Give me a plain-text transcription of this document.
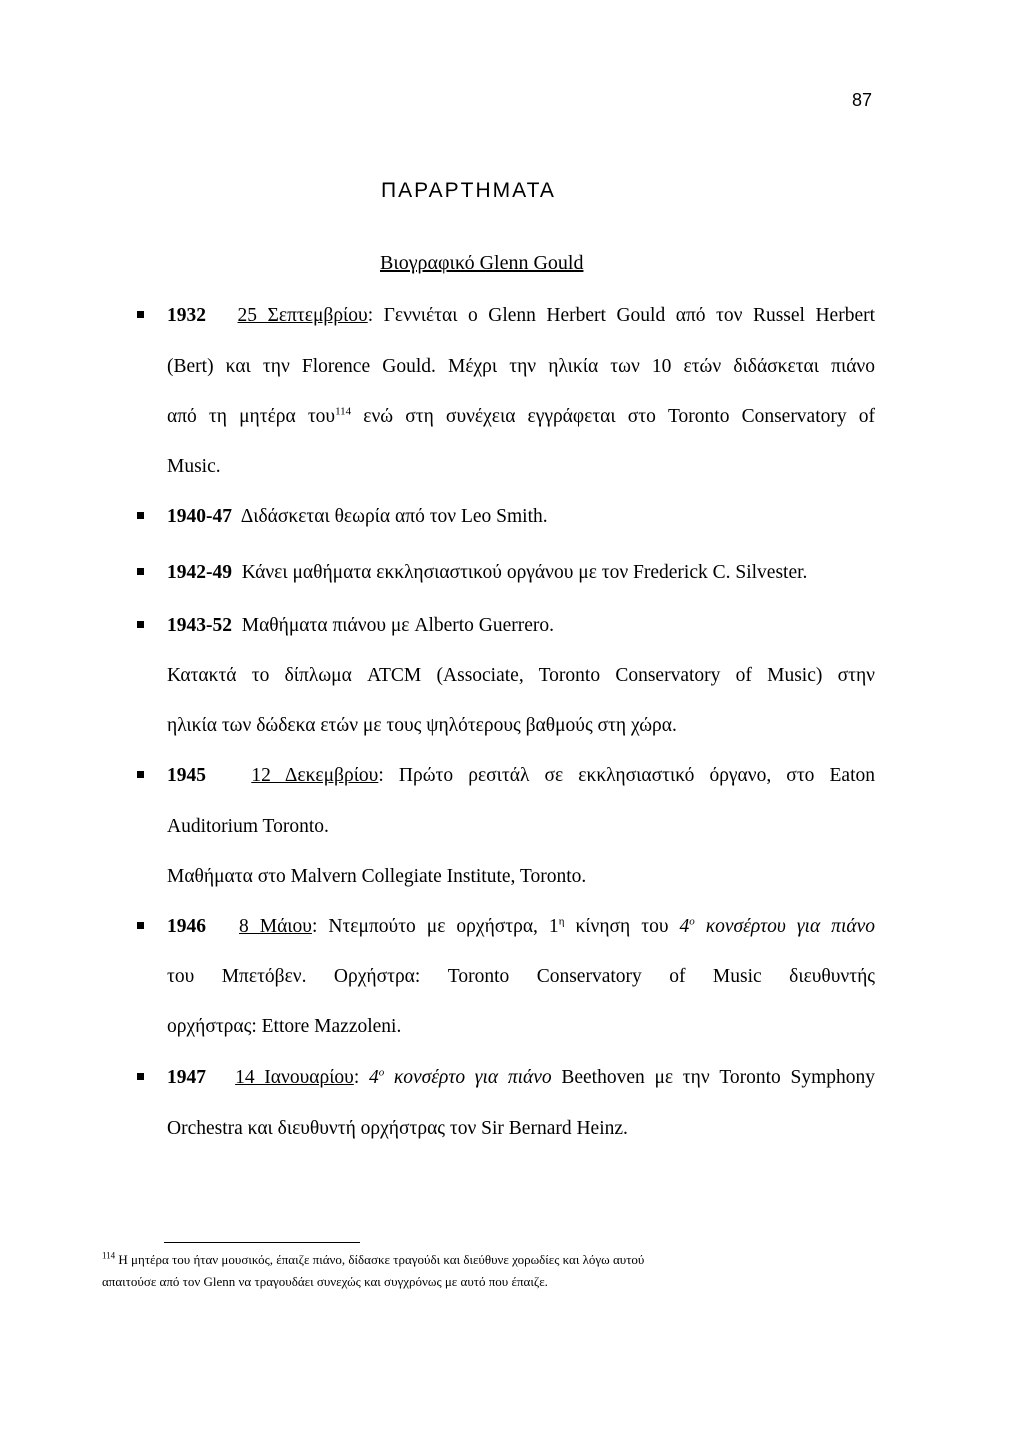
87
ΠΑΡΑΡΤΗΜΑΤΑ
Βιογραφικό Glenn Gould
1932 25 Σεπτεμβρίου: Γεννιέται ο Glenn Herbert Gould από τον Russel Herbert
(Bert) και την Florence Gould. Μέχρι την ηλικία των 10 ετών διδάσκεται πιάνο
από τη μητέρα του$^{114}$ ενώ στη συνέχεια εγγράφεται στο Toronto Conservatory of
Music.
1940-47 Διδάσκεται θεωρία από τον Leo Smith.
1942-49 Κάνει μαθήματα εκκλησιαστικού οργάνου με τον Frederick C. Silvester.
1943-52 Μαθήματα πιάνου με Alberto Guerrero.
Κατακτά το δίπλωμα ATCM (Associate, Toronto Conservatory of Music) στην
ηλικία των δώδεκα ετών με τους ψηλότερους βαθμούς στη χώρα.
1945 12 Δεκεμβρίου: Πρώτο ρεσιτάλ σε εκκλησιαστικό όργανο, στο Eaton
Auditorium Toronto.
Μαθήματα στο Malvern Collegiate Institute, Toronto.
1946 8 Μάιου: Ντεμπούτο με ορχήστρα, $1^\eta$ κίνηση του $4^o$ κονσέρτου για πιάνο
του Μπετόβεν. Ορχήστρα: Toronto Conservatory of Music διευθυντής
ορχήστρας: Ettore Mazzoleni.
1947 14 Ιανουαρίου: $4^o$ κονσέρτο για πιάνο Beethoven με την Toronto Symphony
Orchestra και διευθυντή ορχήστρας τον Sir Bernard Heinz.
$^{114}$ Η μητέρα του ήταν μουσικός, έπαιζε πιάνο, δίδασκε τραγούδι και διεύθυνε χορωδίες και λόγω αυτού
απαιτούσε από τον Glenn να τραγουδάει συνεχώς και συγχρόνως με αυτό που έπαιζε.
